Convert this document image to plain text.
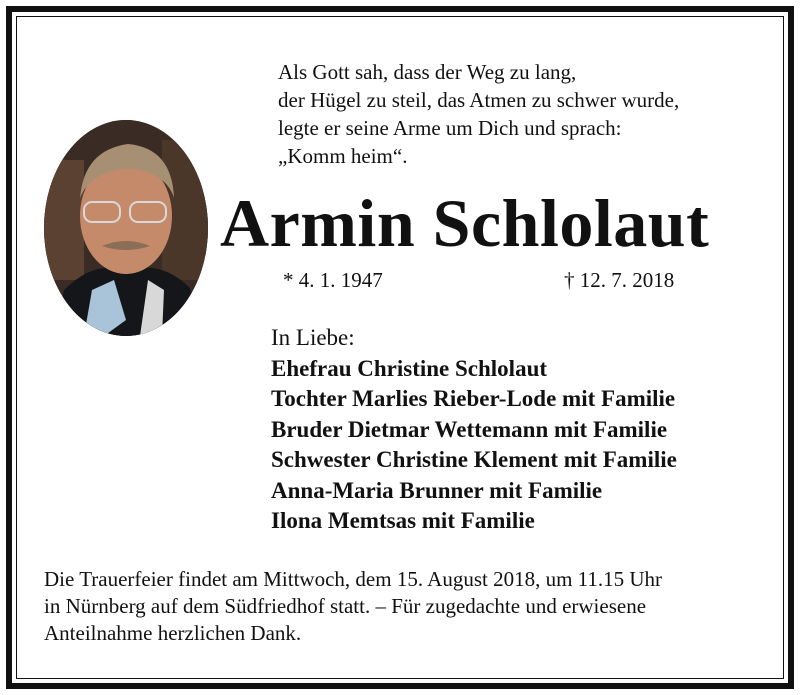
Als Gott sah, dass der Weg zu lang,
der Hügel zu steil, das Atmen zu schwer wurde,
legte er seine Arme um Dich und sprach:
„Komm heim“.
Armin Schlolaut
* 4. 1. 1947	† 12. 7. 2018
In Liebe:
Ehefrau Christine Schlolaut
Tochter Marlies Rieber-Lode mit Familie
Bruder Dietmar Wettemann mit Familie
Schwester Christine Klement mit Familie
Anna-Maria Brunner mit Familie
Ilona Memtsas mit Familie
Die Trauerfeier findet am Mittwoch, dem 15. August 2018, um 11.15 Uhr
in Nürnberg auf dem Südfriedhof statt. – Für zugedachte und erwiesene
Anteilnahme herzlichen Dank.
